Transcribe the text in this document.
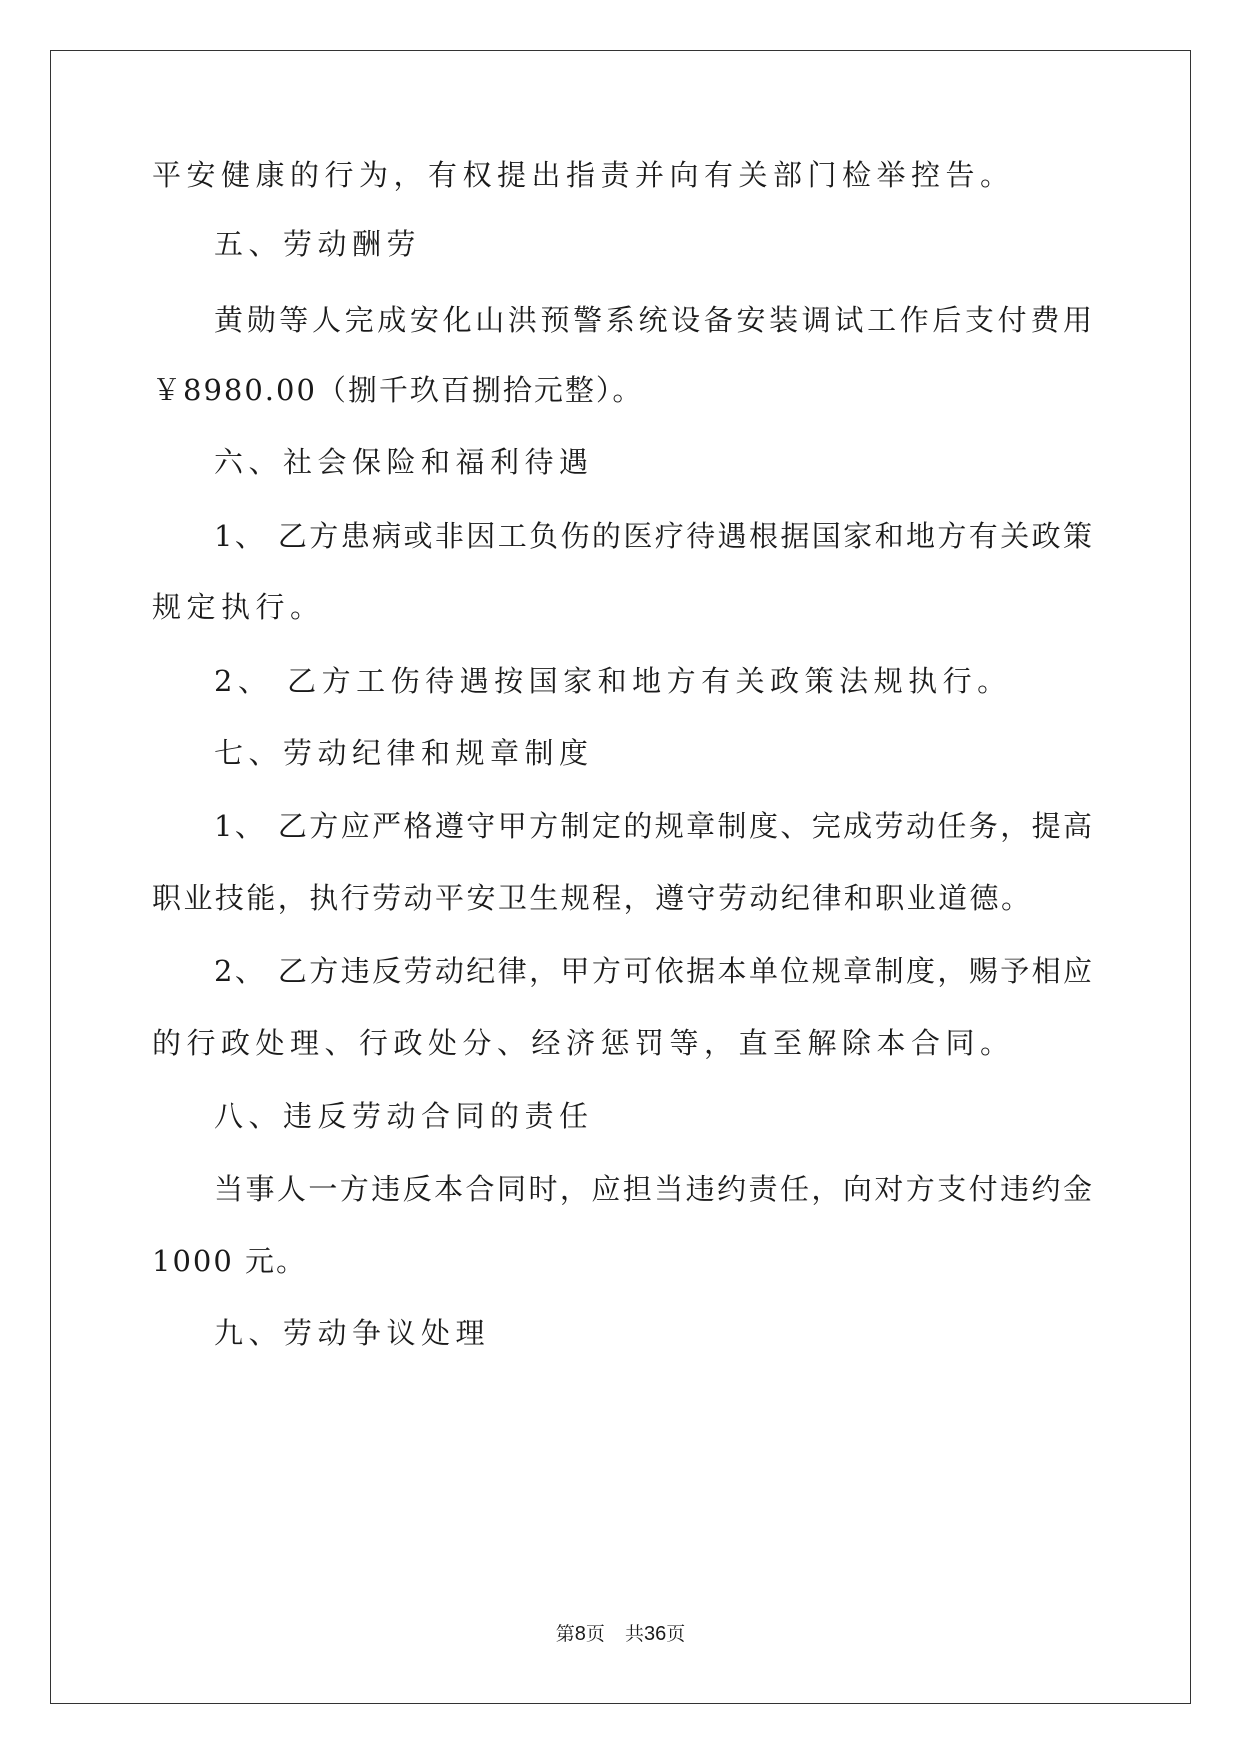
平安健康的行为，有权提出指责并向有关部门检举控告。
五、劳动酬劳
黄勋等人完成安化山洪预警系统设备安装调试工作后支付费用
￥8980.00（捌千玖百捌拾元整）。
六、社会保险和福利待遇
1、 乙方患病或非因工负伤的医疗待遇根据国家和地方有关政策
规定执行。
2、 乙方工伤待遇按国家和地方有关政策法规执行。
七、劳动纪律和规章制度
1、 乙方应严格遵守甲方制定的规章制度、完成劳动任务，提高
职业技能，执行劳动平安卫生规程，遵守劳动纪律和职业道德。
2、 乙方违反劳动纪律，甲方可依据本单位规章制度，赐予相应
的行政处理、行政处分、经济惩罚等，直至解除本合同。
八、违反劳动合同的责任
当事人一方违反本合同时，应担当违约责任，向对方支付违约金
1000 元。
九、劳动争议处理
第8页 共36页
